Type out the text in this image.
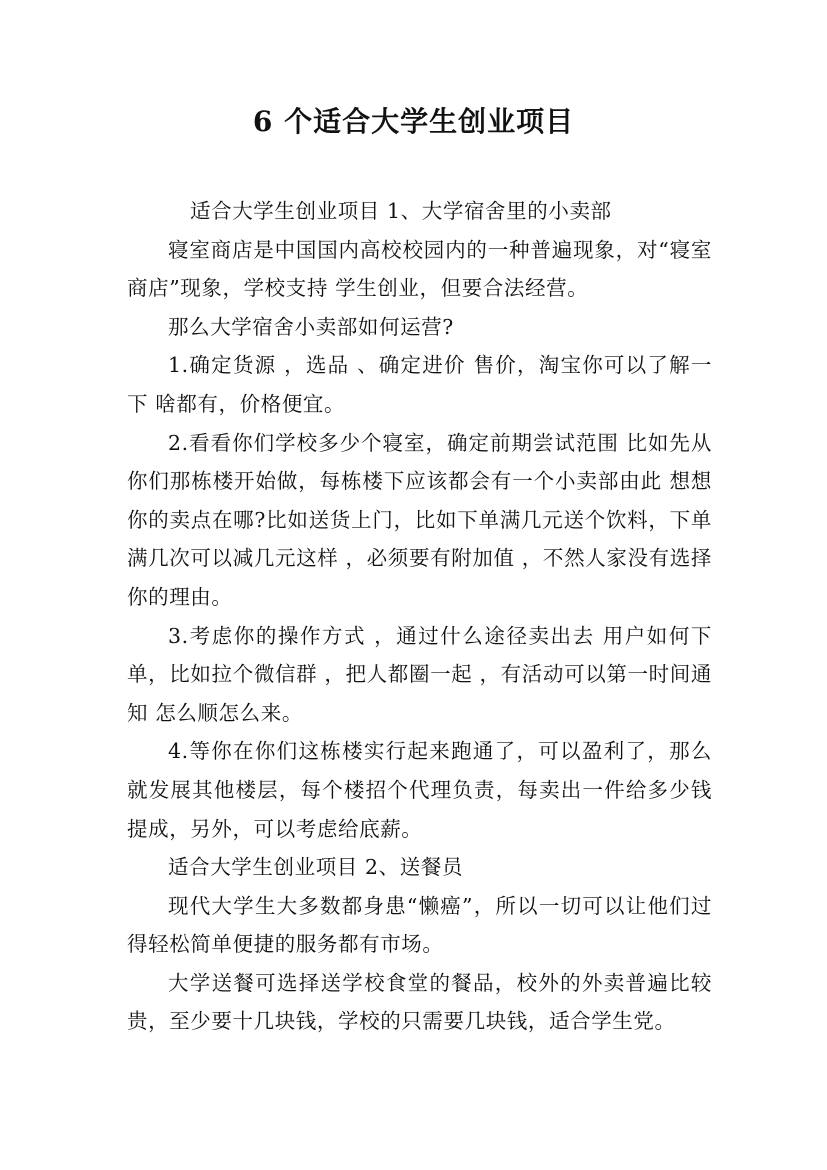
6 个适合大学生创业项目

适合大学生创业项目 1、大学宿舍里的小卖部

寝室商店是中国国内高校校园内的一种普遍现象，对“寝室商店”现象，学校支持 学生创业，但要合法经营。

那么大学宿舍小卖部如何运营?

1.确定货源 ，选品 、确定进价 售价，淘宝你可以了解一下 啥都有，价格便宜。

2.看看你们学校多少个寝室，确定前期尝试范围 比如先从你们那栋楼开始做，每栋楼下应该都会有一个小卖部由此 想想你的卖点在哪?比如送货上门，比如下单满几元送个饮料，下单满几次可以减几元这样 ，必须要有附加值 ，不然人家没有选择你的理由。

3.考虑你的操作方式 ，通过什么途径卖出去 用户如何下单，比如拉个微信群 ，把人都圈一起 ，有活动可以第一时间通知 怎么顺怎么来。

4.等你在你们这栋楼实行起来跑通了，可以盈利了，那么就发展其他楼层，每个楼招个代理负责，每卖出一件给多少钱提成，另外，可以考虑给底薪。

适合大学生创业项目 2、送餐员

现代大学生大多数都身患“懒癌”，所以一切可以让他们过得轻松简单便捷的服务都有市场。

大学送餐可选择送学校食堂的餐品，校外的外卖普遍比较贵，至少要十几块钱，学校的只需要几块钱，适合学生党。
